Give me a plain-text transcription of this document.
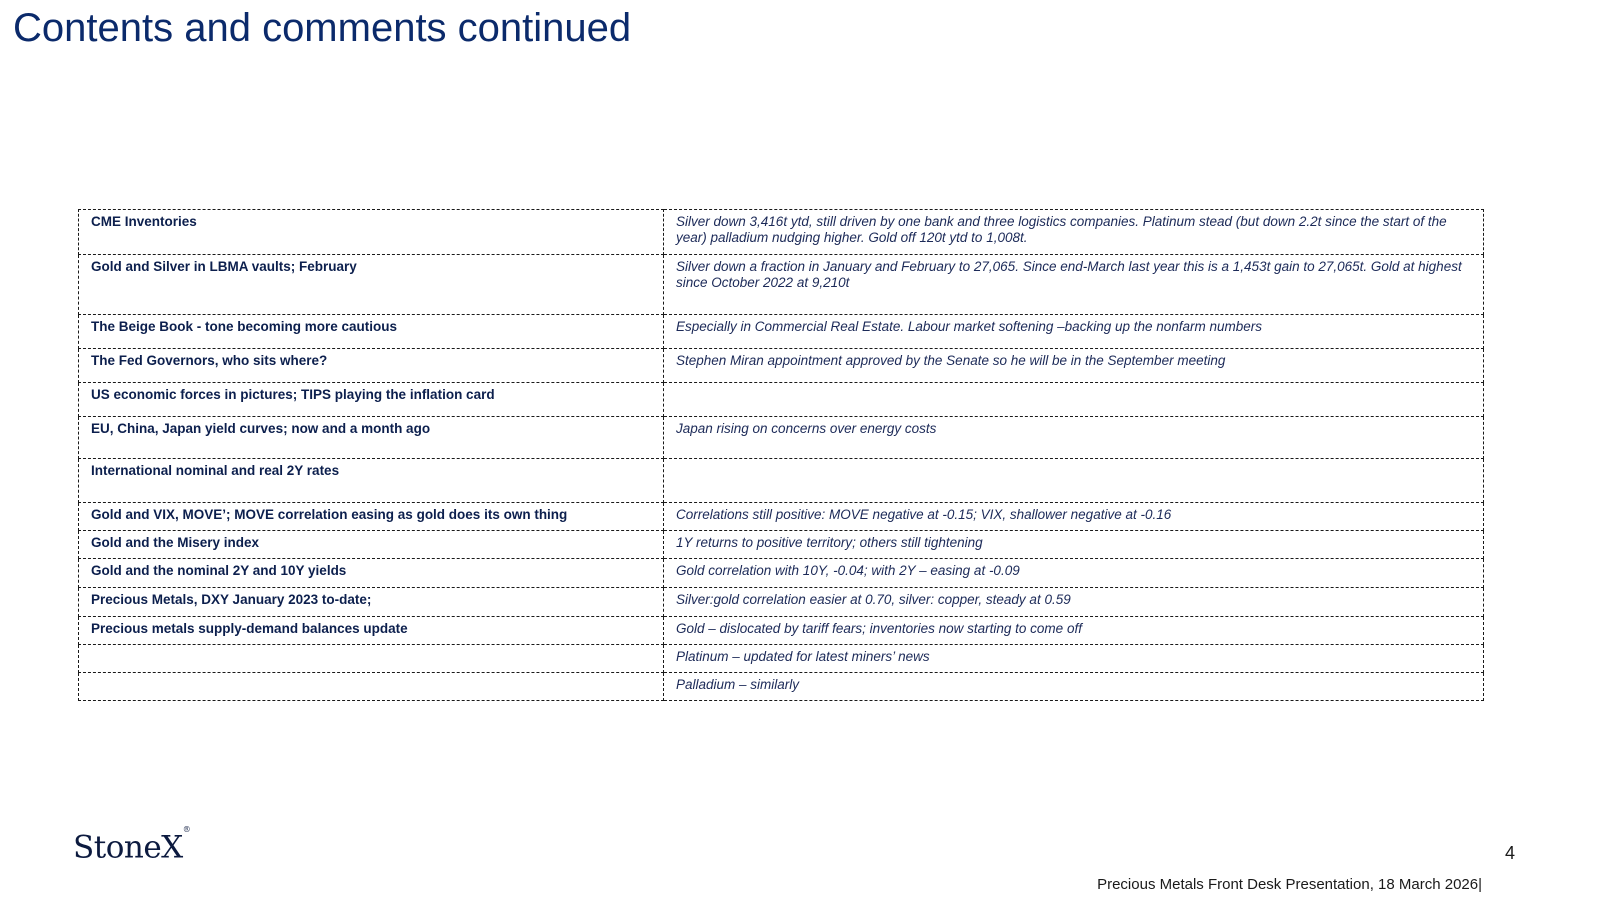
Contents and comments continued
CME Inventories	Silver down 3,416t ytd, still driven by one bank and three logistics companies. Platinum stead (but down 2.2t since the start of the year) palladium nudging higher. Gold off 120t ytd to 1,008t.
Gold and Silver in LBMA vaults; February	Silver down a fraction in January and February to 27,065. Since end-March last year this is a 1,453t gain to 27,065t. Gold at highest since October 2022 at 9,210t
The Beige Book - tone becoming more cautious	Especially in Commercial Real Estate. Labour market softening –backing up the nonfarm numbers
The Fed Governors, who sits where?	Stephen Miran appointment approved by the Senate so he will be in the September meeting
US economic forces in pictures; TIPS playing the inflation card	
EU, China, Japan yield curves; now and a month ago	Japan rising on concerns over energy costs
International nominal and real 2Y rates	
Gold and VIX, MOVE’; MOVE correlation easing as gold does its own thing	Correlations still positive: MOVE negative at -0.15; VIX, shallower negative at -0.16
Gold and the Misery index	1Y returns to positive territory; others still tightening
Gold and the nominal 2Y and 10Y yields	Gold correlation with 10Y, -0.04; with 2Y – easing at -0.09
Precious Metals, DXY January 2023 to-date;	Silver:gold correlation easier at 0.70, silver: copper, steady at 0.59
Precious metals supply-demand balances update	Gold – dislocated by tariff fears; inventories now starting to come off
	Platinum – updated for latest miners’ news
	Palladium – similarly
StoneX®
4
Precious Metals Front Desk Presentation, 18 March 2026|
